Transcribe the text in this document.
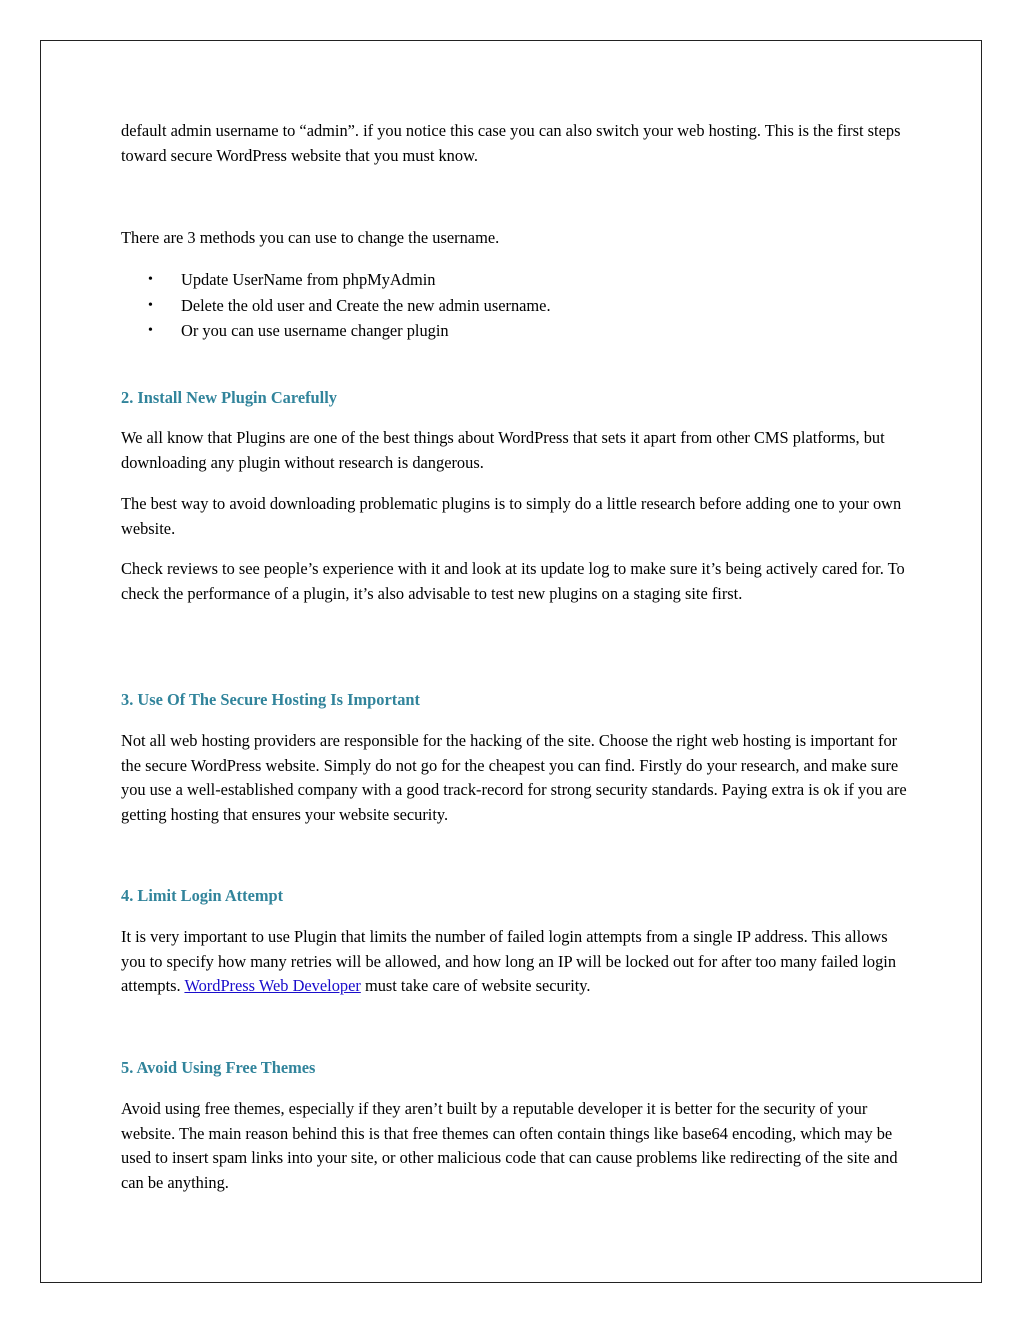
default admin username to “admin”. if you notice this case you can also switch your web hosting. This is the first steps toward secure WordPress website that you must know.

There are 3 methods you can use to change the username.

• Update UserName from phpMyAdmin
• Delete the old user and Create the new admin username.
• Or you can use username changer plugin
2. Install New Plugin Carefully

We all know that Plugins are one of the best things about WordPress that sets it apart from other CMS platforms, but downloading any plugin without research is dangerous.

The best way to avoid downloading problematic plugins is to simply do a little research before adding one to your own website.

Check reviews to see people’s experience with it and look at its update log to make sure it’s being actively cared for. To check the performance of a plugin, it’s also advisable to test new plugins on a staging site first.

3. Use Of The Secure Hosting Is Important

Not all web hosting providers are responsible for the hacking of the site. Choose the right web hosting is important for the secure WordPress website. Simply do not go for the cheapest you can find. Firstly do your research, and make sure you use a well-established company with a good track-record for strong security standards. Paying extra is ok if you are getting hosting that ensures your website security.

4. Limit Login Attempt

It is very important to use Plugin that limits the number of failed login attempts from a single IP address. This allows you to specify how many retries will be allowed, and how long an IP will be locked out for after too many failed login attempts. WordPress Web Developer must take care of website security.

5. Avoid Using Free Themes

Avoid using free themes, especially if they aren’t built by a reputable developer it is better for the security of your website. The main reason behind this is that free themes can often contain things like base64 encoding, which may be used to insert spam links into your site, or other malicious code that can cause problems like redirecting of the site and can be anything.
